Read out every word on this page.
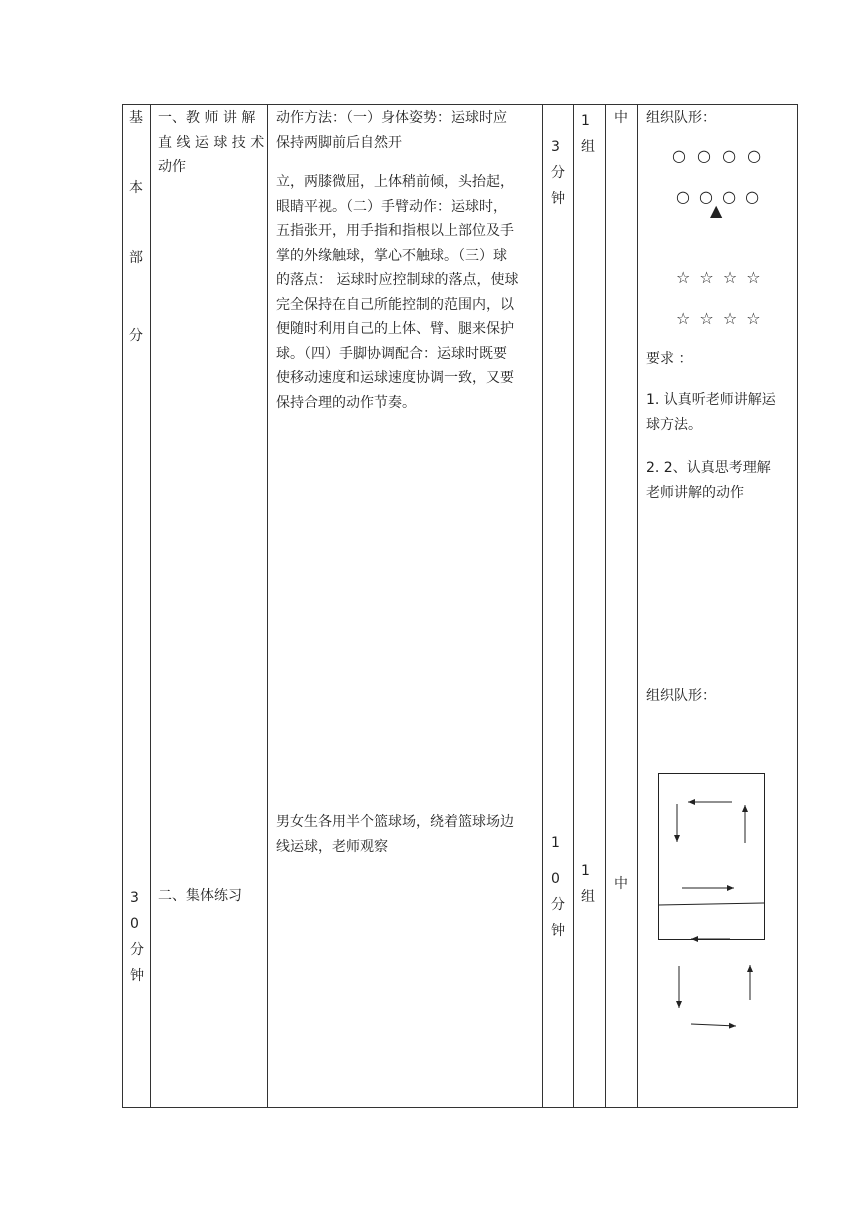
基
本
部
分
3
0
分
钟
一、教 师 讲 解
直 线 运 球 技 术
动作
二、集体练习
动作方法：（一）身体姿势：运球时应
保持两脚前后自然开
立，两膝微屈，上体稍前倾，头抬起，
眼睛平视。（二）手臂动作：运球时，
五指张开，用手指和指根以上部位及手
掌的外缘触球，掌心不触球。（三）球
的落点： 运球时应控制球的落点，使球
完全保持在自己所能控制的范围内，以
便随时利用自己的上体、臂、腿来保护
球。（四）手脚协调配合：运球时既要
使移动速度和运球速度协调一致，又要
保持合理的动作节奏。
男女生各用半个篮球场，绕着篮球场边
线运球，老师观察
3
分
钟
1
0
分
钟
1
组
1
组
中
中
组织队形：
○ ○ ○ ○
○ ○ ○ ○
▲
☆ ☆ ☆ ☆
☆ ☆ ☆ ☆
要求 ：
1. 认真听老师讲解运
球方法。
2. 2、认真思考理解
老师讲解的动作
组织队形：
